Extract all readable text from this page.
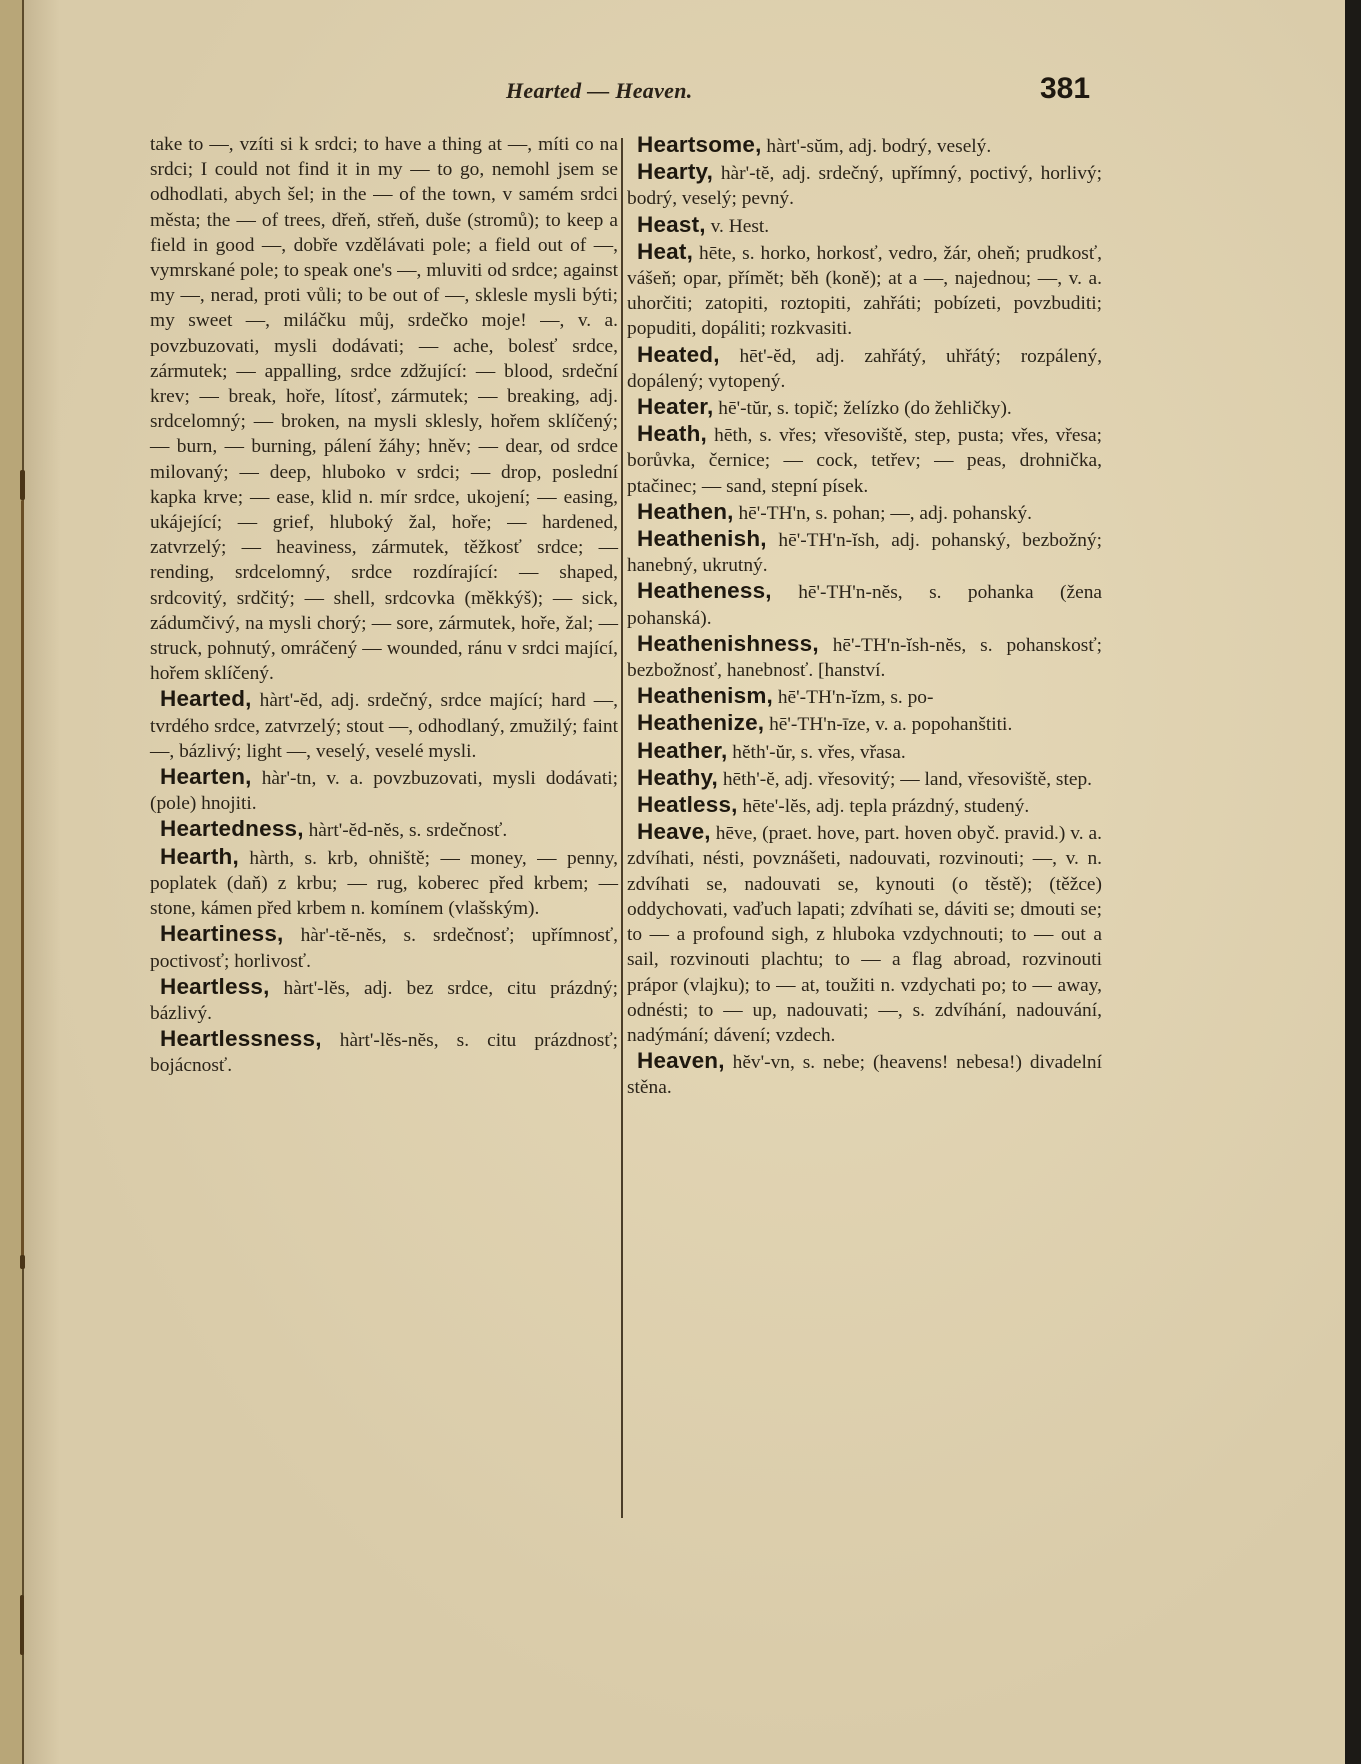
Hearted — Heaven.	381

take to —, vzíti si k srdci; to have a thing at —, míti co na srdci; I could not find it in my — to go, nemohl jsem se odhodlati, abych šel; in the — of the town, v samém srdci města; the — of trees, dřeň, střeň, duše (stromů); to keep a field in good —, dobře vzdělávati pole; a field out of —, vymrskané pole; to speak one's —, mluviti od srdce; against my —, nerad, proti vůli; to be out of —, sklesle mysli býti; my sweet —, miláčku můj, srdečko moje! —, v. a. povzbuzovati, mysli dodávati; — ache, bolesť srdce, zármutek; — appalling, srdce zdžující: — blood, srdeční krev; — break, hoře, lítosť, zármutek; — breaking, adj. srdcelomný; — broken, na mysli sklesly, hořem sklíčený; — burn, — burning, pálení žáhy; hněv; — dear, od srdce milovaný; — deep, hluboko v srdci; — drop, poslední kapka krve; — ease, klid n. mír srdce, ukojení; — easing, ukájející; — grief, hluboký žal, hoře; — hardened, zatvrzelý; — heaviness, zármutek, těžkosť srdce; — rending, srdcelomný, srdce rozdírající: — shaped, srdcovitý, srdčitý; — shell, srdcovka (měkkýš); — sick, zádumčivý, na mysli chorý; — sore, zármutek, hoře, žal; — struck, pohnutý, omráčený — wounded, ránu v srdci mající, hořem sklíčený.

Hearted, hàrt'-ĕd, adj. srdečný, srdce mající; hard —, tvrdého srdce, zatvrzelý; stout —, odhodlaný, zmužilý; faint —, bázlivý; light —, veselý, veselé mysli.

Hearten, hàr'-tn, v. a. povzbuzovati, mysli dodávati; (pole) hnojiti.

Heartedness, hàrt'-ĕd-nĕs, s. srdečnosť.

Hearth, hàrth, s. krb, ohniště; — money, — penny, poplatek (daň) z krbu; — rug, koberec před krbem; — stone, kámen před krbem n. komínem (vlašským).

Heartiness, hàr'-tĕ-nĕs, s. srdečnosť; upřímnosť, poctivosť; horlivosť.

Heartless, hàrt'-lĕs, adj. bez srdce, citu prázdný; bázlivý.

Heartlessness, hàrt'-lĕs-nĕs, s. citu prázdnosť; bojácnosť.

Heartsome, hàrt'-sŭm, adj. bodrý, veselý.

Hearty, hàr'-tĕ, adj. srdečný, upřímný, poctivý, horlivý; bodrý, veselý; pevný.

Heast, v. Hest.

Heat, hēte, s. horko, horkosť, vedro, žár, oheň; prudkosť, vášeň; opar, přímět; běh (koně); at a —, najednou; —, v. a. uhorčiti; zatopiti, roztopiti, zahřáti; pobízeti, povzbuditi; popuditi, dopáliti; rozkvasiti.

Heated, hēt'-ĕd, adj. zahřátý, uhřátý; rozpálený, dopálený; vytopený.

Heater, hē'-tŭr, s. topič; želízko (do žehličky).

Heath, hēth, s. vřes; vřesoviště, step, pusta; vřes, vřesa; borůvka, černice; — cock, tetřev; — peas, drohnička, ptačinec; — sand, stepní písek.

Heathen, hē'-TH'n, s. pohan; —, adj. pohanský.

Heathenish, hē'-TH'n-ĭsh, adj. pohanský, bezbožný; hanebný, ukrutný.

Heatheness, hē'-TH'n-nĕs, s. pohanka (žena pohanská).

Heathenishness, hē'-TH'n-ĭsh-nĕs, s. pohanskosť; bezbožnosť, hanebnosť. [hanství.

Heathenism, hē'-TH'n-ĭzm, s. po-

Heathenize, hē'-TH'n-īze, v. a. popohanštiti.

Heather, hĕth'-ŭr, s. vřes, vřasa.

Heathy, hēth'-ĕ, adj. vřesovitý; — land, vřesoviště, step.

Heatless, hēte'-lĕs, adj. tepla prázdný, studený.

Heave, hēve, (praet. hove, part. hoven obyč. pravid.) v. a. zdvíhati, nésti, povznášeti, nadouvati, rozvinouti; —, v. n. zdvíhati se, nadouvati se, kynouti (o těstě); (těžce) oddychovati, vaďuch lapati; zdvíhati se, dáviti se; dmouti se; to — a profound sigh, z hluboka vzdychnouti; to — out a sail, rozvinouti plachtu; to — a flag abroad, rozvinouti prápor (vlajku); to — at, toužiti n. vzdychati po; to — away, odnésti; to — up, nadouvati; —, s. zdvíhání, nadouvání, nadýmání; dávení; vzdech.

Heaven, hĕv'-vn, s. nebe; (heavens! nebesa!) divadelní stěna.
